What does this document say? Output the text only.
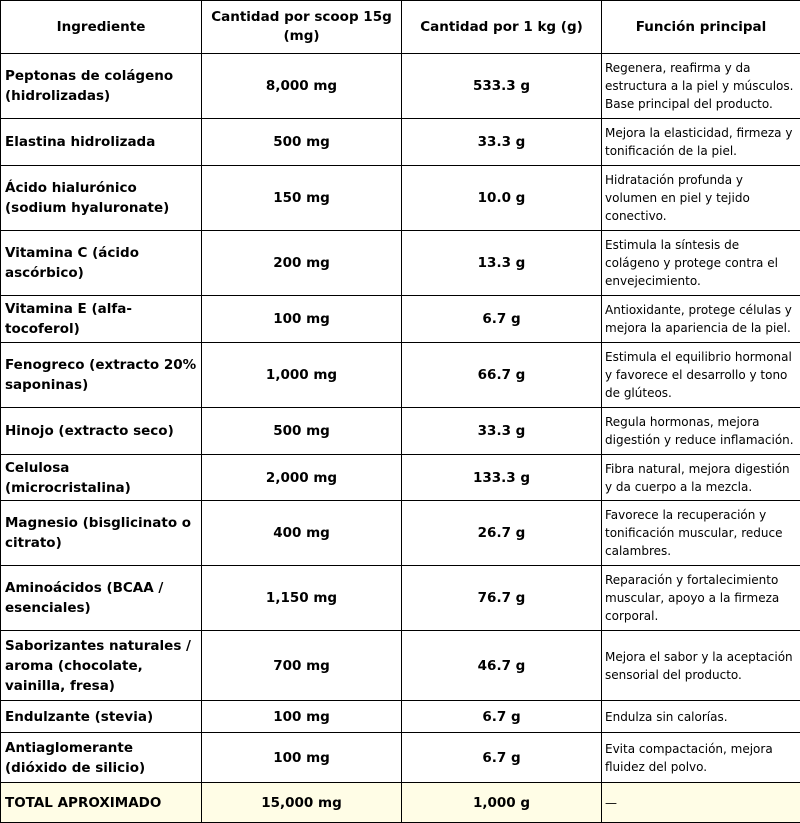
Ingrediente	Cantidad por scoop 15g (mg)	Cantidad por 1 kg (g)	Función principal
Peptonas de colágeno (hidrolizadas)	8,000 mg	533.3 g	Regenera, reafirma y da estructura a la piel y músculos. Base principal del producto.
Elastina hidrolizada	500 mg	33.3 g	Mejora la elasticidad, firmeza y tonificación de la piel.
Ácido hialurónico (sodium hyaluronate)	150 mg	10.0 g	Hidratación profunda y volumen en piel y tejido conectivo.
Vitamina C (ácido ascórbico)	200 mg	13.3 g	Estimula la síntesis de colágeno y protege contra el envejecimiento.
Vitamina E (alfa-tocoferol)	100 mg	6.7 g	Antioxidante, protege células y mejora la apariencia de la piel.
Fenogreco (extracto 20% saponinas)	1,000 mg	66.7 g	Estimula el equilibrio hormonal y favorece el desarrollo y tono de glúteos.
Hinojo (extracto seco)	500 mg	33.3 g	Regula hormonas, mejora digestión y reduce inflamación.
Celulosa (microcristalina)	2,000 mg	133.3 g	Fibra natural, mejora digestión y da cuerpo a la mezcla.
Magnesio (bisglicinato o citrato)	400 mg	26.7 g	Favorece la recuperación y tonificación muscular, reduce calambres.
Aminoácidos (BCAA / esenciales)	1,150 mg	76.7 g	Reparación y fortalecimiento muscular, apoyo a la firmeza corporal.
Saborizantes naturales / aroma (chocolate, vainilla, fresa)	700 mg	46.7 g	Mejora el sabor y la aceptación sensorial del producto.
Endulzante (stevia)	100 mg	6.7 g	Endulza sin calorías.
Antiaglomerante (dióxido de silicio)	100 mg	6.7 g	Evita compactación, mejora fluidez del polvo.
TOTAL APROXIMADO	15,000 mg	1,000 g	—
